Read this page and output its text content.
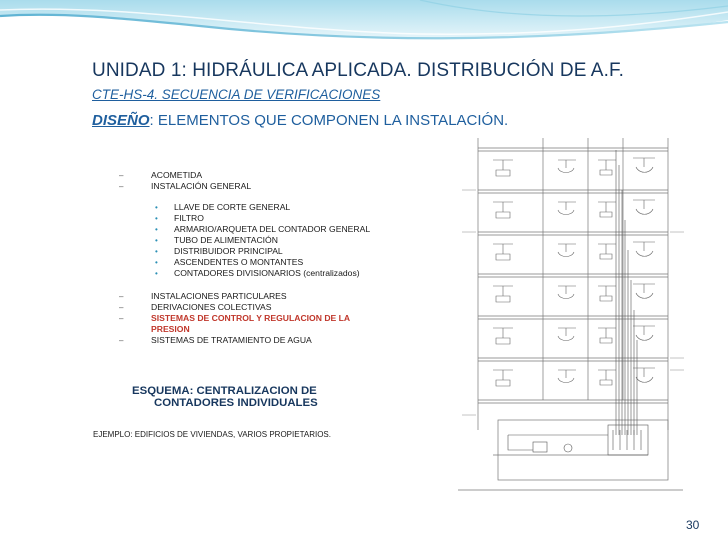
UNIDAD 1: HIDRÁULICA APLICADA. DISTRIBUCIÓN DE A.F.
CTE-HS-4. SECUENCIA DE VERIFICACIONES
DISEÑO: ELEMENTOS QUE COMPONEN LA INSTALACIÓN.
–	ACOMETIDA
–	INSTALACIÓN GENERAL
• LLAVE DE CORTE GENERAL
• FILTRO
• ARMARIO/ARQUETA DEL CONTADOR GENERAL
• TUBO DE ALIMENTACIÓN
• DISTRIBUIDOR PRINCIPAL
• ASCENDENTES O MONTANTES
• CONTADORES DIVISIONARIOS (centralizados)
–	INSTALACIONES PARTICULARES
–	DERIVACIONES COLECTIVAS
–	SISTEMAS DE CONTROL Y REGULACION DE LA PRESION
–	SISTEMAS DE TRATAMIENTO DE AGUA
ESQUEMA: CENTRALIZACION DE
CONTADORES INDIVIDUALES
EJEMPLO: EDIFICIOS DE VIVIENDAS, VARIOS PROPIETARIOS.
30
